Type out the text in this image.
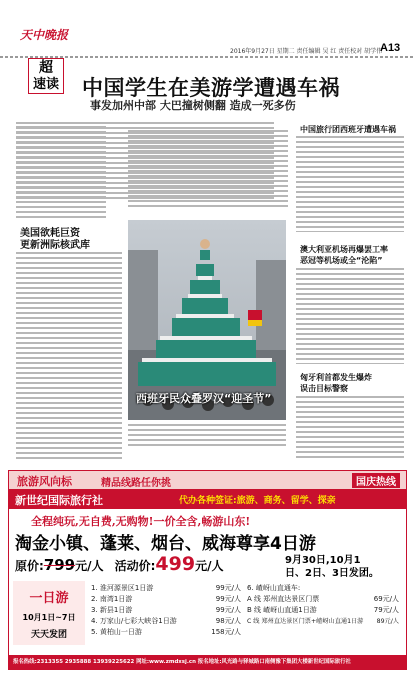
天中晚报
2016年9月27日 星期二 责任编辑 吴 红 责任校对 胡学伟
A13
超
速读 中国学生在美游学遭遇车祸
事发加州中部 大巴撞树侧翻 造成一死多伤
美国欲耗巨资
更新洲际核武库
西班牙民众叠罗汉“迎圣节”
中国旅行团西班牙遭遇车祸
澳大利亚机场再爆罢工率
恶冠等机场或全“沦陷”
匈牙利首都发生爆炸
误击目标警察
旅游风向标	精品线路任你挑	国庆热线
新世纪国际旅行社	代办各种签证:旅游、商务、留学、探亲
全程纯玩,无自费,无购物!一价全含,畅游山东!
淘金小镇、蓬莱、烟台、威海尊享4日游
原价:799元/人 活动价:499元/人	9月30日,10月1
日、2日、3日发团。
一日游
10月1日~7日
天天发团
1. 淮河源景区1日游	99元/人
2. 南湾1日游	99元/人
3. 新县1日游	99元/人
4. 万家山/七彩大峡谷1日游	98元/人
5. 黄柏山一日游	158元/人
6. 嵖岈山直通车:
A 线 郑州直达景区门票	69元/人
B 线 嵖岈山直通1日游	79元/人
C 线 郑州直达景区门票+嵖岈山直通1日游 89元/人
报名热线:2313355 2935888 13939225622 网址:www.zmdxsj.cn 报名地址:风光路与驿城路口南侧豫下集团大楼新世纪国际旅行社
